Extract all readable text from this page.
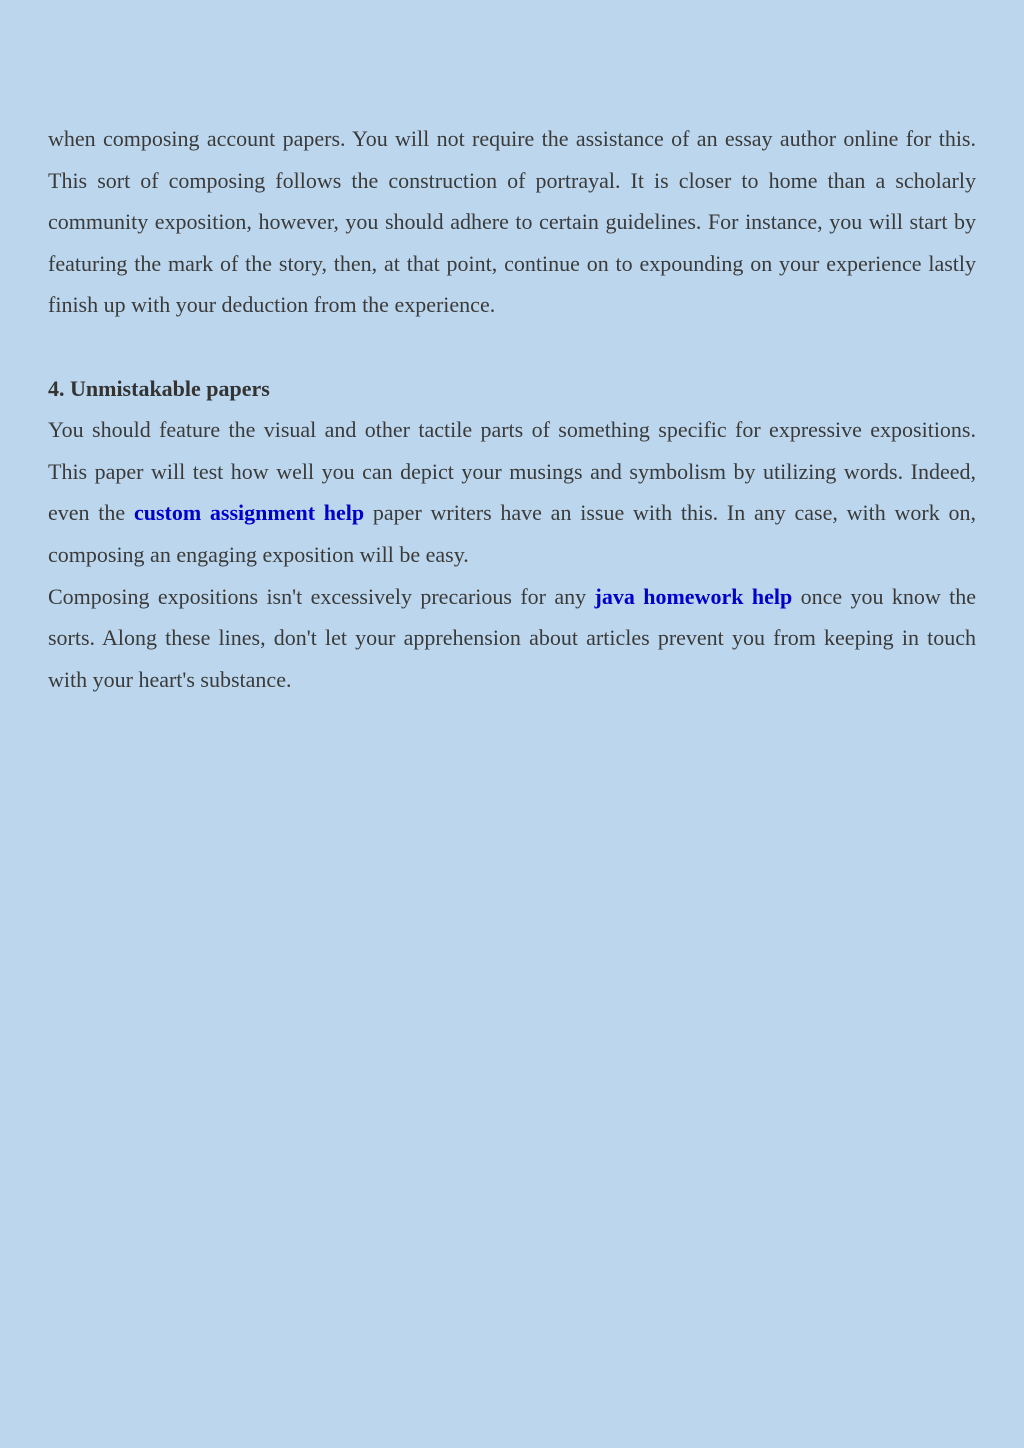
when composing account papers. You will not require the assistance of an essay author online for this. This sort of composing follows the construction of portrayal. It is closer to home than a scholarly community exposition, however, you should adhere to certain guidelines. For instance, you will start by featuring the mark of the story, then, at that point, continue on to expounding on your experience lastly finish up with your deduction from the experience.

4. Unmistakable papers

You should feature the visual and other tactile parts of something specific for expressive expositions. This paper will test how well you can depict your musings and symbolism by utilizing words. Indeed, even the custom assignment help paper writers have an issue with this. In any case, with work on, composing an engaging exposition will be easy.

Composing expositions isn't excessively precarious for any java homework help once you know the sorts. Along these lines, don't let your apprehension about articles prevent you from keeping in touch with your heart's substance.
